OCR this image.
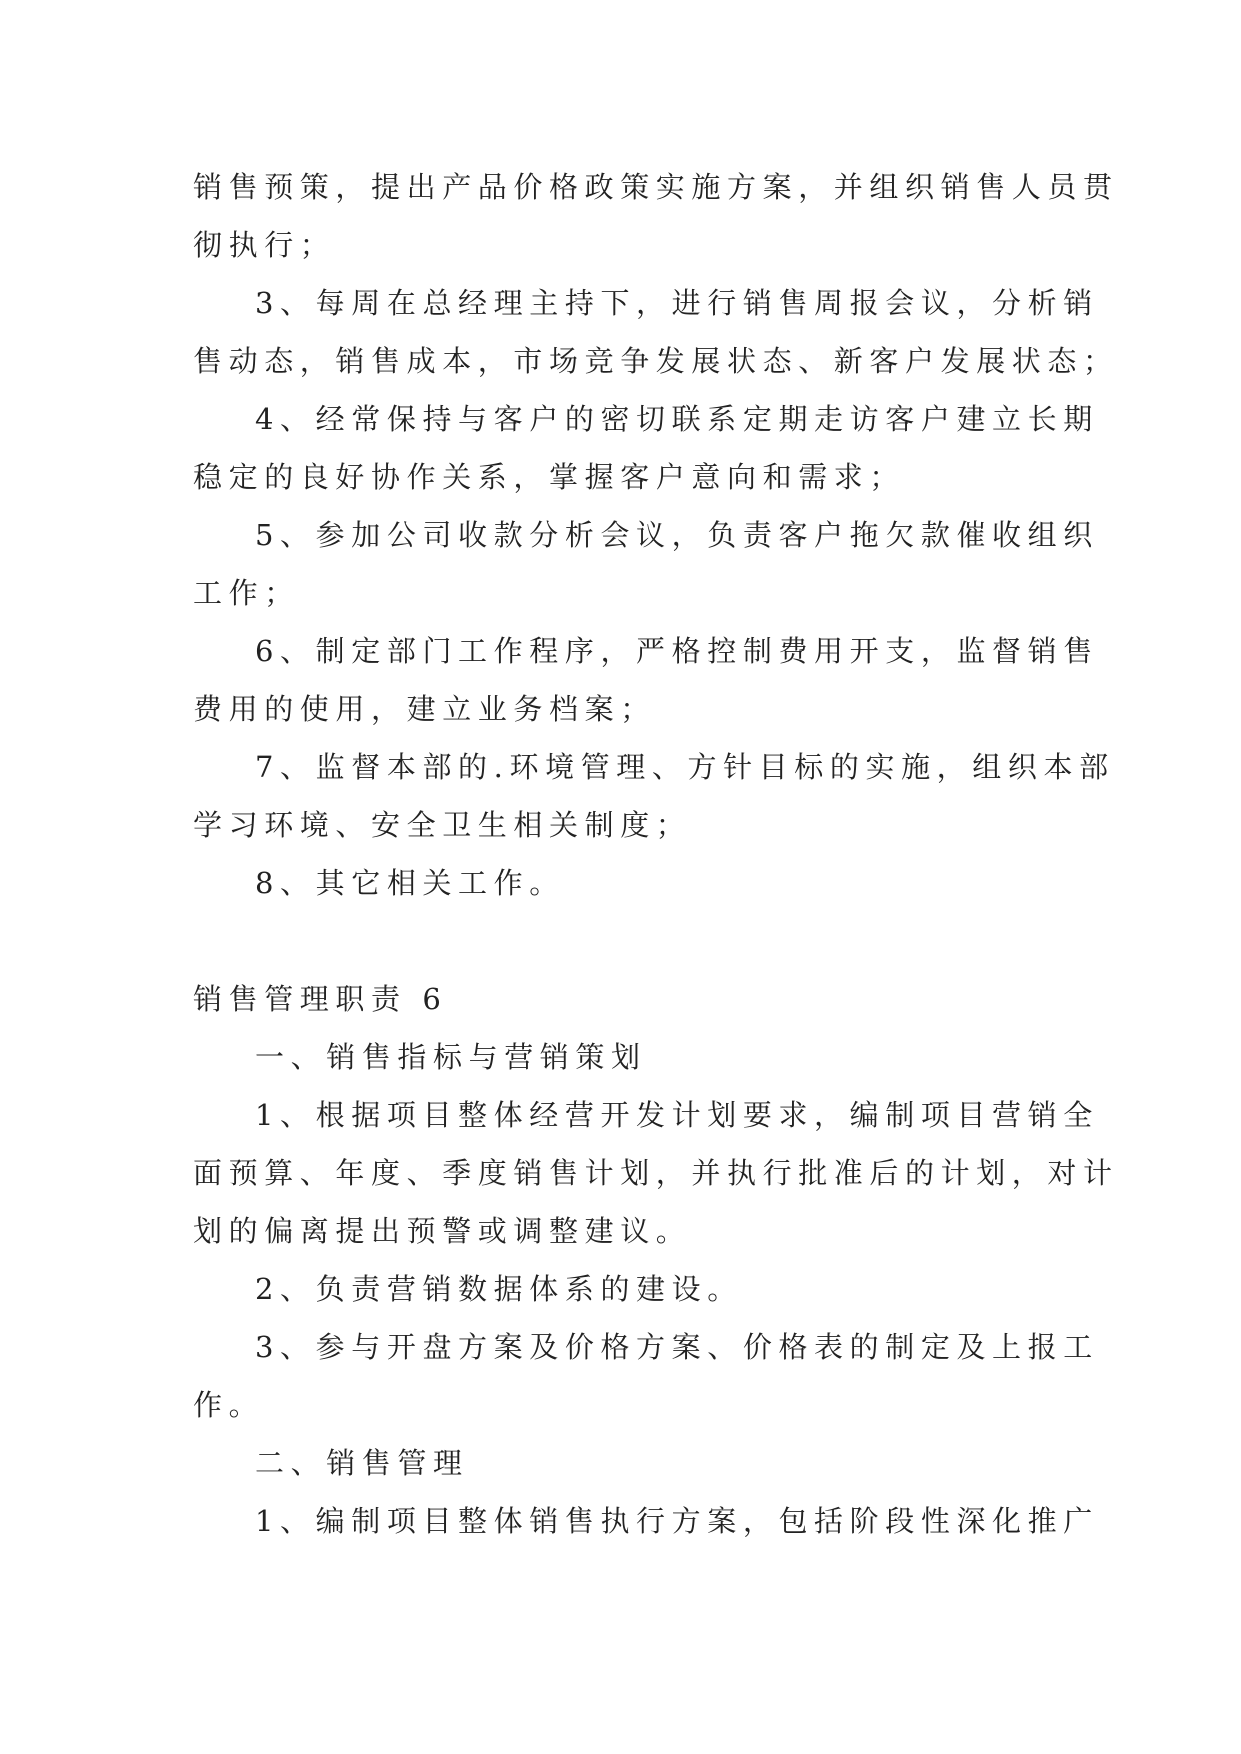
销售预策，提出产品价格政策实施方案，并组织销售人员贯
彻执行；
3、每周在总经理主持下，进行销售周报会议，分析销
售动态，销售成本，市场竞争发展状态、新客户发展状态；
4、经常保持与客户的密切联系定期走访客户建立长期
稳定的良好协作关系，掌握客户意向和需求；
5、参加公司收款分析会议，负责客户拖欠款催收组织
工作；
6、制定部门工作程序，严格控制费用开支，监督销售
费用的使用，建立业务档案；
7、监督本部的.环境管理、方针目标的实施，组织本部
学习环境、安全卫生相关制度；
8、其它相关工作。
销售管理职责 6
一、销售指标与营销策划
1、根据项目整体经营开发计划要求，编制项目营销全
面预算、年度、季度销售计划，并执行批准后的计划，对计
划的偏离提出预警或调整建议。
2、负责营销数据体系的建设。
3、参与开盘方案及价格方案、价格表的制定及上报工
作。
二、销售管理
1、编制项目整体销售执行方案，包括阶段性深化推广
